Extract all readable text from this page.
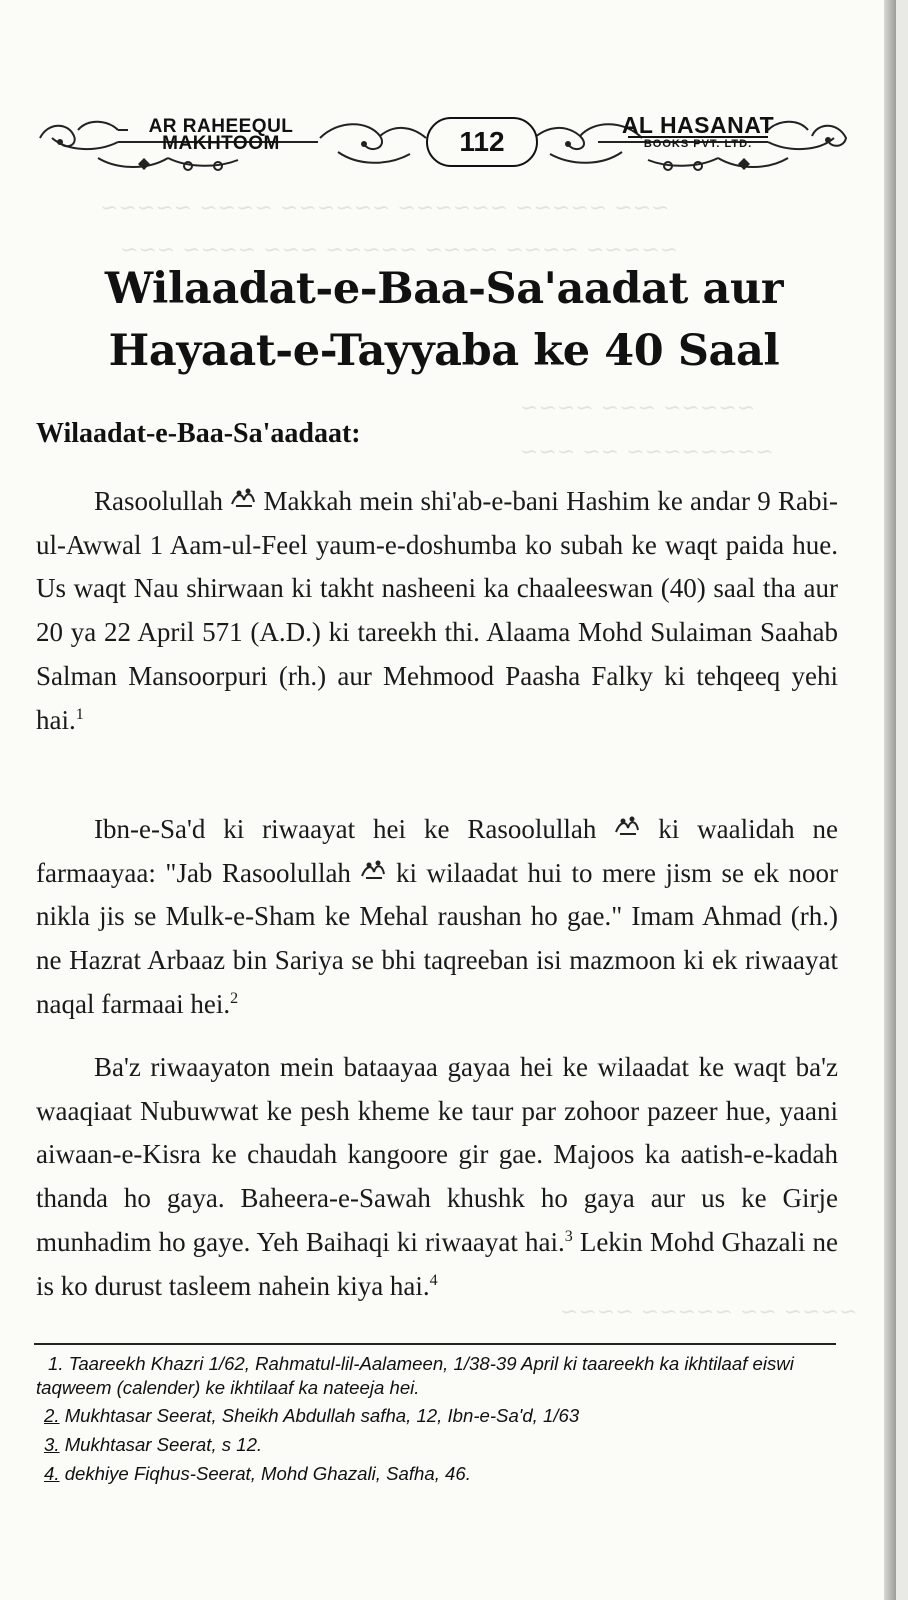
~~~ ~~~~~ ~~~~~~ ~~~~~~ ~~~~ ~~~~~
~~~~~ ~~~~ ~~~~ ~~~~~ ~~~ ~~~~ ~~~
~~~~~ ~~~ ~~~~
~~~~~~~~ ~~ ~~~
~~~~ ~~ ~~~~~ ~~~~
AR RAHEEQUL
MAKHTOOM	112
AL HASANAT
BOOKS PVT. LTD.
Wilaadat-e-Baa-Sa'aadat aur
Hayaat-e-Tayyaba ke 40 Saal
Wilaadat-e-Baa-Sa'aadaat:
Rasoolullah Makkah mein shi'ab-e-bani Hashim ke andar 9 Rabi-ul-Awwal 1 Aam-ul-Feel yaum-e-doshumba ko subah ke waqt paida hue. Us waqt Nau shirwaan ki takht nasheeni ka chaaleeswan (40) saal tha aur 20 ya 22 April 571 (A.D.) ki tareekh thi. Alaama Mohd Sulaiman Saahab Salman Mansoorpuri (rh.) aur Mehmood Paasha Falky ki tehqeeq yehi hai.$^1$
Ibn-e-Sa'd ki riwaayat hei ke Rasoolullah ki waalidah ne farmaayaa: "Jab Rasoolullah ki wilaadat hui to mere jism se ek noor nikla jis se Mulk-e-Sham ke Mehal raushan ho gae." Imam Ahmad (rh.) ne Hazrat Arbaaz bin Sariya se bhi taqreeban isi mazmoon ki ek riwaayat naqal farmaai hei.$^2$
Ba'z riwaayaton mein bataayaa gayaa hei ke wilaadat ke waqt ba'z waaqiaat Nubuwwat ke pesh kheme ke taur par zohoor pazeer hue, yaani aiwaan-e-Kisra ke chaudah kangoore gir gae. Majoos ka aatish-e-kadah thanda ho gaya. Baheera-e-Sawah khushk ho gaya aur us ke Girje munhadim ho gaye. Yeh Baihaqi ki riwaayat hai.$^3$ Lekin Mohd Ghazali ne is ko durust tasleem nahein kiya hai.$^4$

1. Taareekh Khazri 1/62, Rahmatul-lil-Aalameen, 1/38-39 April ki taareekh ka ikhtilaaf eiswi taqweem (calender) ke ikhtilaaf ka nateeja hei.

2. Mukhtasar Seerat, Sheikh Abdullah safha, 12, Ibn-e-Sa'd, 1/63

3. Mukhtasar Seerat, s 12.

4. dekhiye Fiqhus-Seerat, Mohd Ghazali, Safha, 46.
